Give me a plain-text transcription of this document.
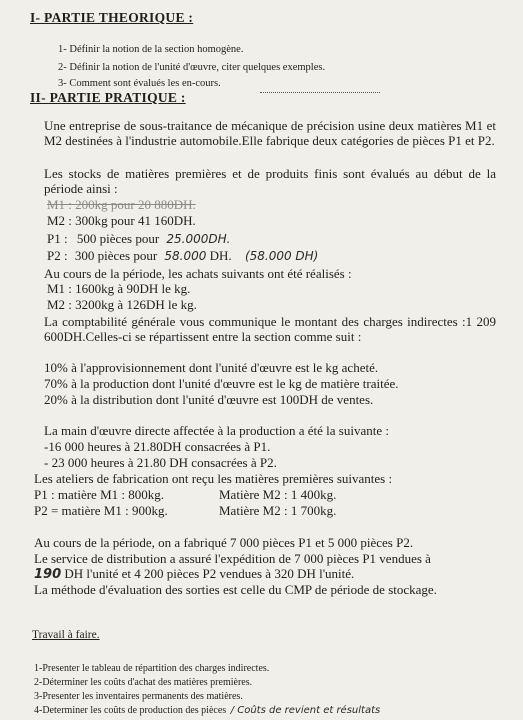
I- PARTIE THEORIQUE :
1- Définir la notion de la section homogène.
2- Définir la notion de l'unité d'œuvre, citer quelques exemples.
3- Comment sont évalués les en-cours.
II- PARTIE PRATIQUE :
Une entreprise de sous-traitance de mécanique de précision usine deux matières M1 et M2 destinées à l'industrie automobile.Elle fabrique deux catégories de pièces P1 et P2.
Les stocks de matières premières et de produits finis sont évalués au début de la période ainsi :
M1 : 200kg pour 20 880DH.
M2 : 300kg pour 41 160DH.
P1 : 500 pièces pour 25.000DH.
P2 : 300 pièces pour 58.000 DH. (58.000 DH)
Au cours de la période, les achats suivants ont été réalisés :
M1 : 1600kg à 90DH le kg.
M2 : 3200kg à 126DH le kg.
La comptabilité générale vous communique le montant des charges indirectes :1 209 600DH.Celles-ci se répartissent entre la section comme suit :
10% à l'approvisionnement dont l'unité d'œuvre est le kg acheté.
70% à la production dont l'unité d'œuvre est le kg de matière traitée.
20% à la distribution dont l'unité d'œuvre est 100DH de ventes.
La main d'œuvre directe affectée à la production a été la suivante :
-16 000 heures à 21.80DH consacrées à P1.
- 23 000 heures à 21.80 DH consacrées à P2.
Les ateliers de fabrication ont reçu les matières premières suivantes :
P1 : matière M1 : 800kg.	Matière M2 : 1 400kg.
P2 = matière M1 : 900kg.	Matière M2 : 1 700kg.
Au cours de la période, on a fabriqué 7 000 pièces P1 et 5 000 pièces P2.
Le service de distribution a assuré l'expédition de 7 000 pièces P1 vendues à
190 DH l'unité et 4 200 pièces P2 vendues à 320 DH l'unité.
La méthode d'évaluation des sorties est celle du CMP de période de stockage.
Travail à faire.
1-Presenter le tableau de répartition des charges indirectes.
2-Déterminer les coûts d'achat des matières premières.
3-Presenter les inventaires permanents des matières.
4-Determiner les coûts de production des pièces / Coûts de revient et résultats
